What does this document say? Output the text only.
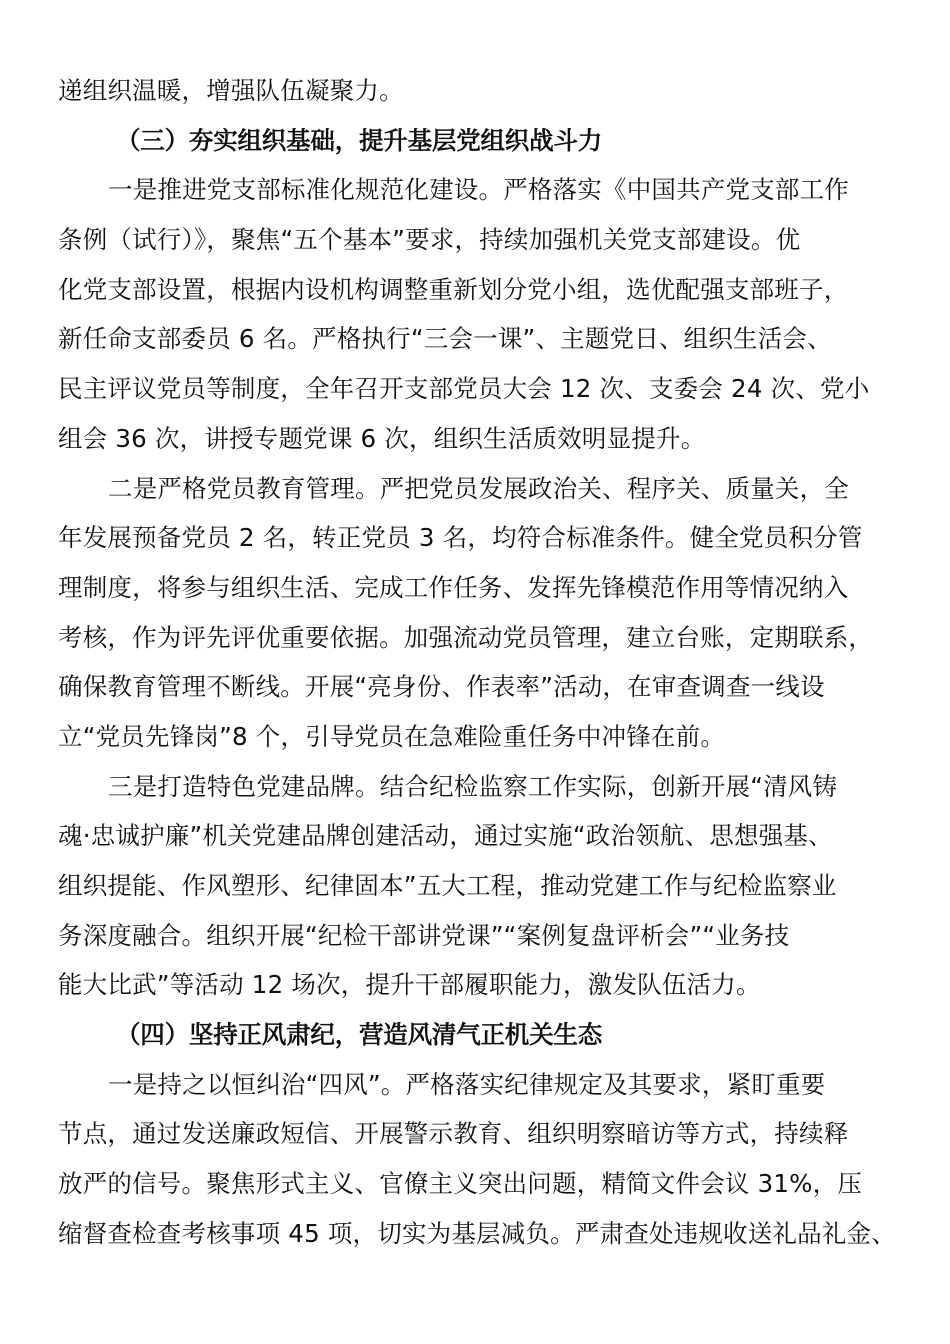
递组织温暖，增强队伍凝聚力。
（三）夯实组织基础，提升基层党组织战斗力
一是推进党支部标准化规范化建设。严格落实《中国共产党支部工作
条例（试行）》，聚焦“五个基本”要求，持续加强机关党支部建设。优
化党支部设置，根据内设机构调整重新划分党小组，选优配强支部班子，
新任命支部委员 6 名。严格执行“三会一课”、主题党日、组织生活会、
民主评议党员等制度，全年召开支部党员大会 12 次、支委会 24 次、党小
组会 36 次，讲授专题党课 6 次，组织生活质效明显提升。
二是严格党员教育管理。严把党员发展政治关、程序关、质量关，全
年发展预备党员 2 名，转正党员 3 名，均符合标准条件。健全党员积分管
理制度，将参与组织生活、完成工作任务、发挥先锋模范作用等情况纳入
考核，作为评先评优重要依据。加强流动党员管理，建立台账，定期联系，
确保教育管理不断线。开展“亮身份、作表率”活动，在审查调查一线设
立“党员先锋岗”8 个，引导党员在急难险重任务中冲锋在前。
三是打造特色党建品牌。结合纪检监察工作实际，创新开展“清风铸
魂·忠诚护廉”机关党建品牌创建活动，通过实施“政治领航、思想强基、
组织提能、作风塑形、纪律固本”五大工程，推动党建工作与纪检监察业
务深度融合。组织开展“纪检干部讲党课”“案例复盘评析会”“业务技
能大比武”等活动 12 场次，提升干部履职能力，激发队伍活力。
（四）坚持正风肃纪，营造风清气正机关生态
一是持之以恒纠治“四风”。严格落实纪律规定及其要求，紧盯重要
节点，通过发送廉政短信、开展警示教育、组织明察暗访等方式，持续释
放严的信号。聚焦形式主义、官僚主义突出问题，精简文件会议 31%，压
缩督查检查考核事项 45 项，切实为基层减负。严肃查处违规收送礼品礼金、
